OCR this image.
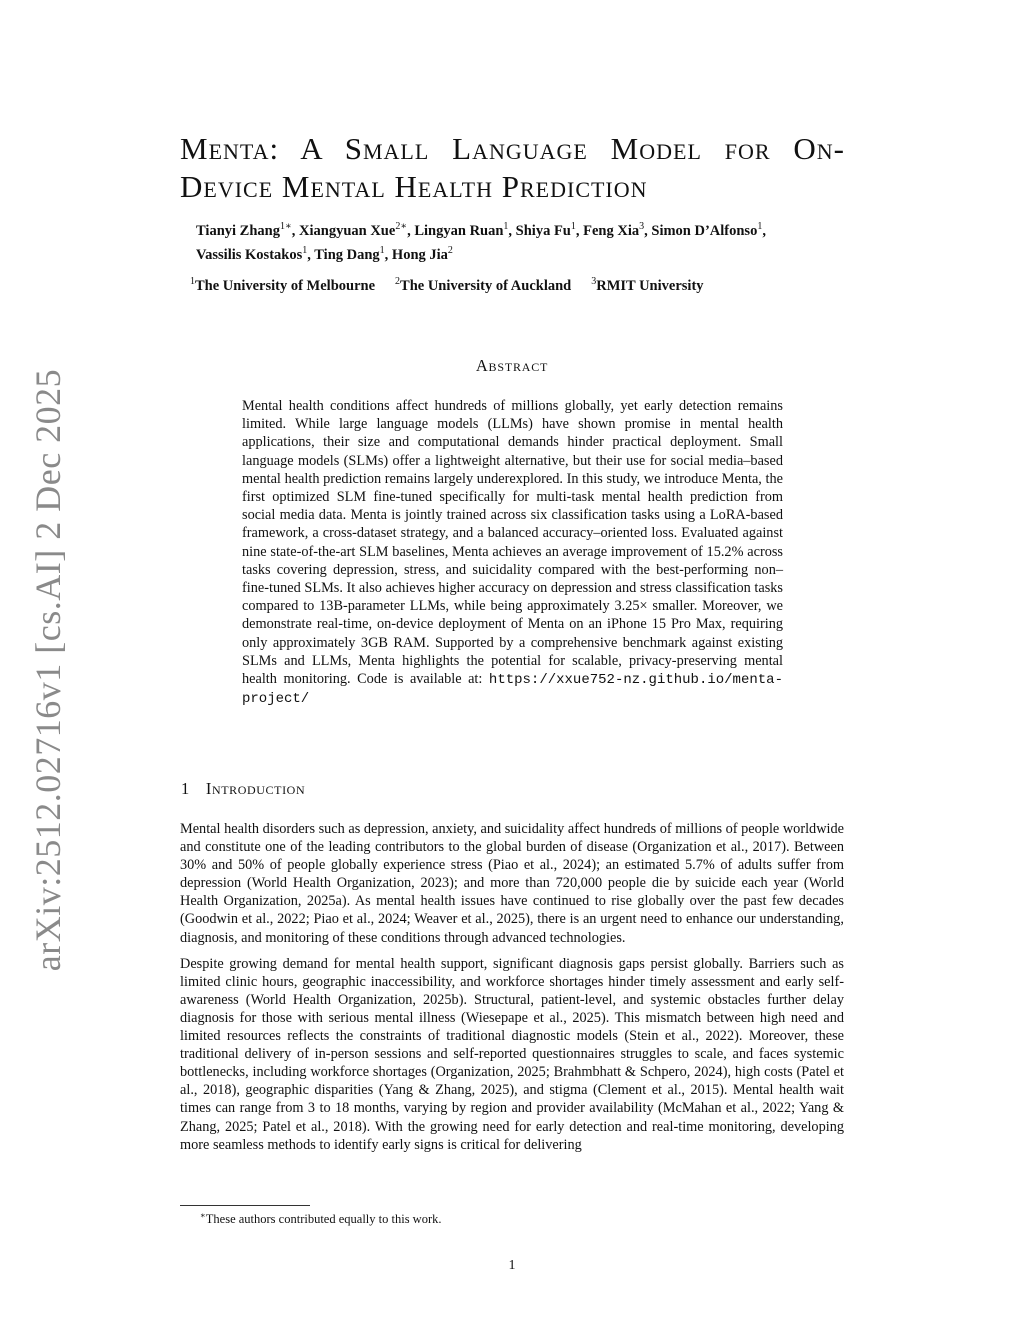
arXiv:2512.02716v1 [cs.AI] 2 Dec 2025
Menta: A Small Language Model for On-
Device Mental Health Prediction
Tianyi Zhang$^{1∗}$, Xiangyuan Xue$^{2∗}$, Lingyan Ruan$^1$, Shiya Fu$^1$, Feng Xia$^3$, Simon D’Alfonso$^1$,
Vassilis Kostakos$^1$, Ting Dang$^1$, Hong Jia$^2$
$^1$The University of Melbourne $^2$The University of Auckland $^3$RMIT University
Abstract
Mental health conditions affect hundreds of millions globally, yet early detection remains limited. While large language models (LLMs) have shown promise in mental health applications, their size and computational demands hinder practical deployment. Small language models (SLMs) offer a lightweight alternative, but their use for social media–based mental health prediction remains largely underexplored. In this study, we introduce Menta, the first optimized SLM fine-tuned specifically for multi-task mental health prediction from social media data. Menta is jointly trained across six classification tasks using a LoRA-based framework, a cross-dataset strategy, and a balanced accuracy–oriented loss. Evaluated against nine state-of-the-art SLM baselines, Menta achieves an average improvement of 15.2% across tasks covering depression, stress, and suicidality compared with the best-performing non–fine-tuned SLMs. It also achieves higher accuracy on depression and stress classification tasks compared to 13B-parameter LLMs, while being approximately 3.25× smaller. Moreover, we demonstrate real-time, on-device deployment of Menta on an iPhone 15 Pro Max, requiring only approximately 3GB RAM. Supported by a comprehensive benchmark against existing SLMs and LLMs, Menta highlights the potential for scalable, privacy-preserving mental health monitoring. Code is available at: https://xxue752-nz.github.io/menta-project/
1 Introduction

Mental health disorders such as depression, anxiety, and suicidality affect hundreds of millions of people worldwide and constitute one of the leading contributors to the global burden of disease (Organization et al., 2017). Between 30% and 50% of people globally experience stress (Piao et al., 2024); an estimated 5.7% of adults suffer from depression (World Health Organization, 2023); and more than 720,000 people die by suicide each year (World Health Organization, 2025a). As mental health issues have continued to rise globally over the past few decades (Goodwin et al., 2022; Piao et al., 2024; Weaver et al., 2025), there is an urgent need to enhance our understanding, diagnosis, and monitoring of these conditions through advanced technologies.

Despite growing demand for mental health support, significant diagnosis gaps persist globally. Barriers such as limited clinic hours, geographic inaccessibility, and workforce shortages hinder timely assessment and early self-awareness (World Health Organization, 2025b). Structural, patient-level, and systemic obstacles further delay diagnosis for those with serious mental illness (Wiesepape et al., 2025). This mismatch between high need and limited resources reflects the constraints of traditional diagnostic models (Stein et al., 2022). Moreover, these traditional delivery of in-person sessions and self-reported questionnaires struggles to scale, and faces systemic bottlenecks, including workforce shortages (Organization, 2025; Brahmbhatt & Schpero, 2024), high costs (Patel et al., 2018), geographic disparities (Yang & Zhang, 2025), and stigma (Clement et al., 2015). Mental health wait times can range from 3 to 18 months, varying by region and provider availability (McMahan et al., 2022; Yang & Zhang, 2025; Patel et al., 2018). With the growing need for early detection and real-time monitoring, developing more seamless methods to identify early signs is critical for delivering

∗These authors contributed equally to this work.
1
